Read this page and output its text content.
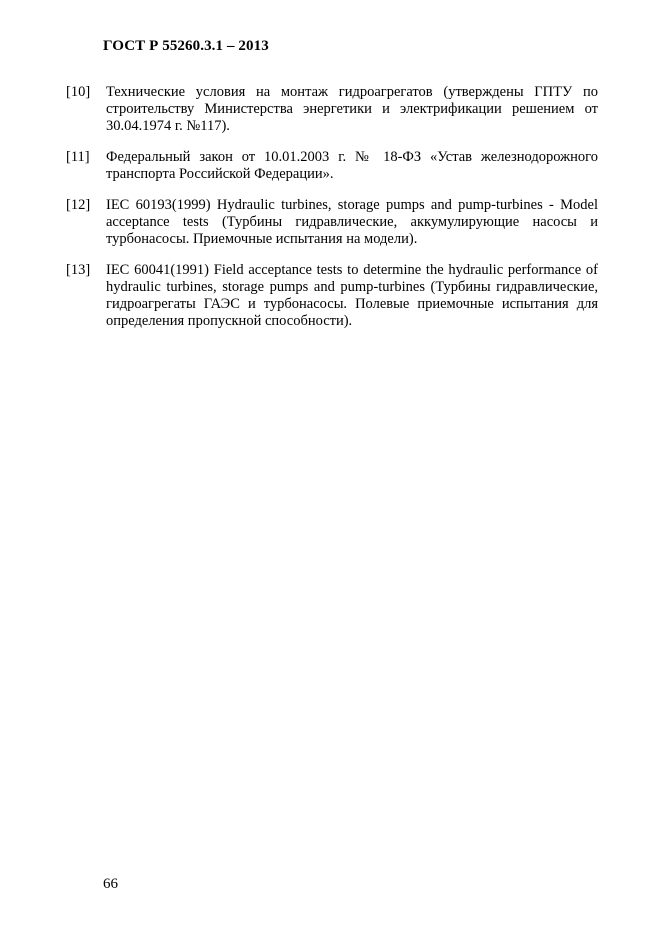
ГОСТ Р 55260.3.1 – 2013
[10]	Технические условия на монтаж гидроагрегатов (утверждены ГПТУ по строительству Министерства энергетики и электрификации решением от 30.04.1974 г. №117).
[11]	Федеральный закон от 10.01.2003 г. № 18-ФЗ «Устав железнодорожного транспорта Российской Федерации».
[12]	IEC 60193(1999) Hydraulic turbines, storage pumps and pump-turbines - Model acceptance tests (Турбины гидравлические, аккумулирующие насосы и турбонасосы. Приемочные испытания на модели).
[13]	IEC 60041(1991) Field acceptance tests to determine the hydraulic performance of hydraulic turbines, storage pumps and pump-turbines (Турбины гидравлические, гидроагрегаты ГАЭС и турбонасосы. Полевые приемочные испытания для определения пропускной способности).
66
